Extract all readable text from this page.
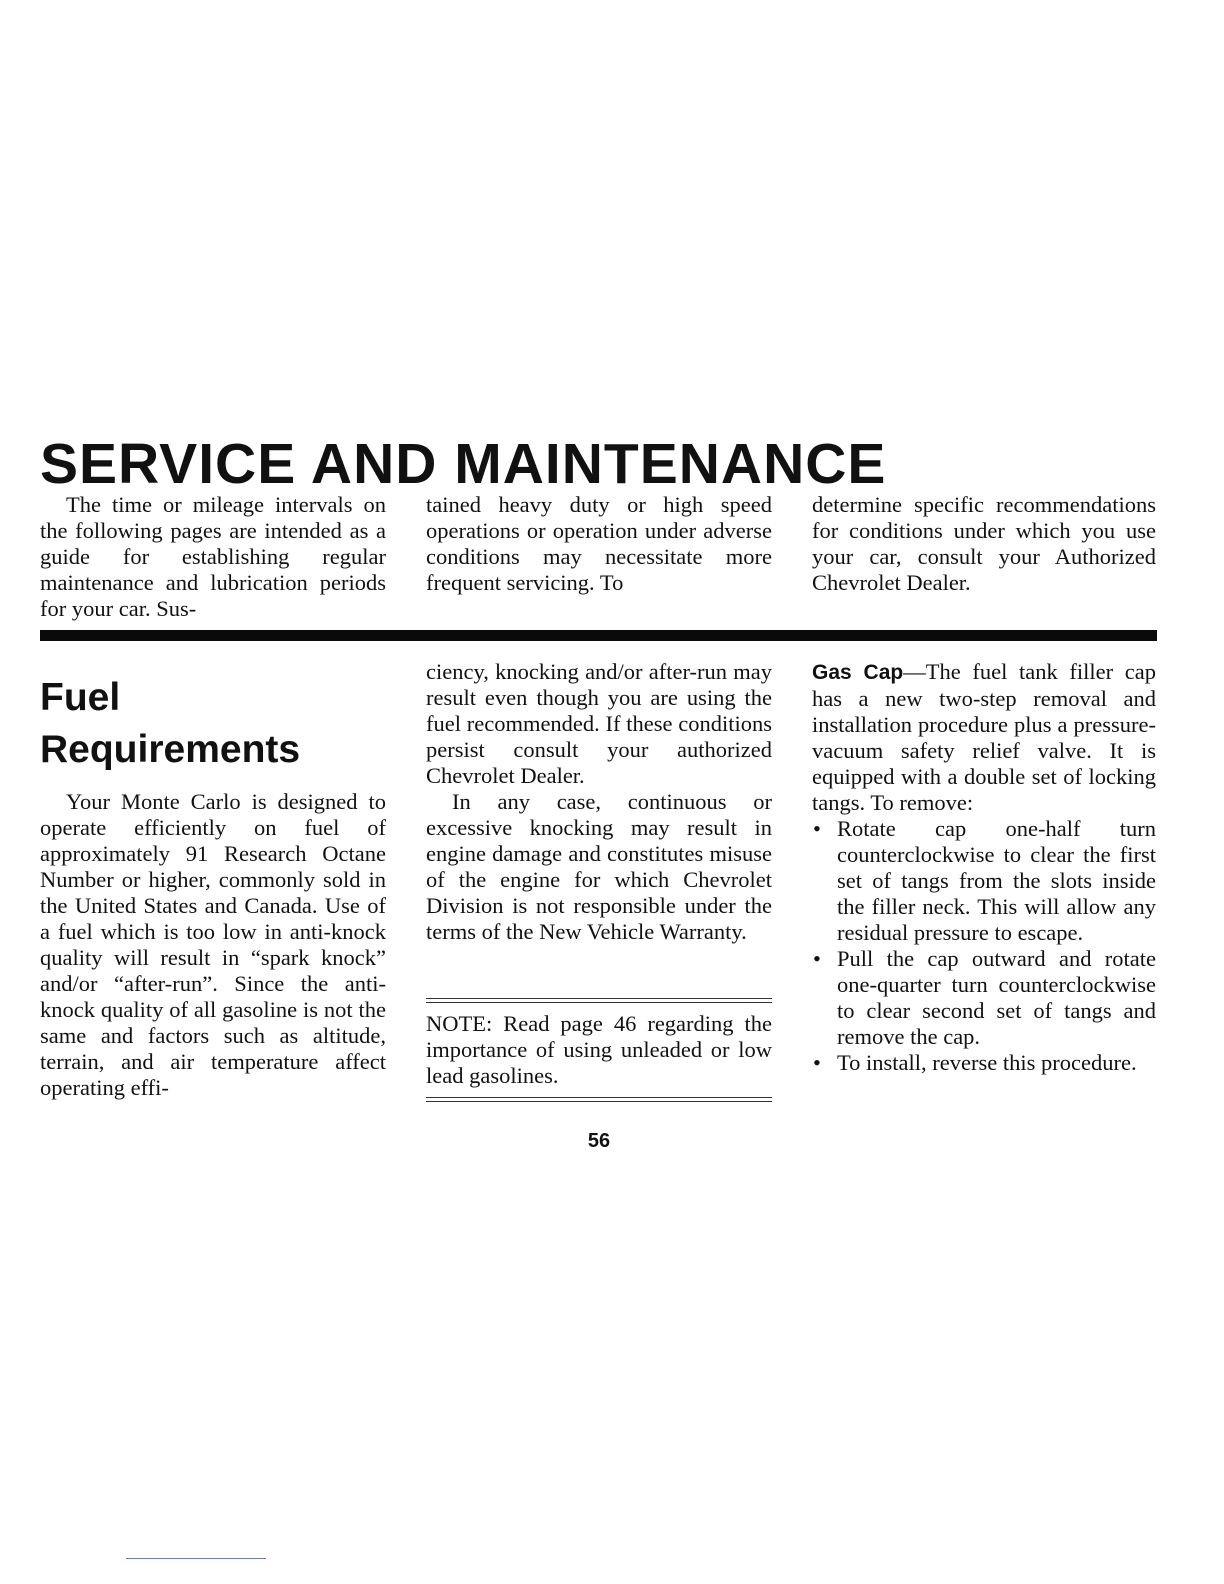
SERVICE AND MAINTENANCE

The time or mileage intervals on the following pages are intended as a guide for establishing regular maintenance and lubrication periods for your car. Sus-

tained heavy duty or high speed operations or operation under adverse conditions may necessitate more frequent servicing. To

determine specific recommendations for conditions under which you use your car, consult your Authorized Chevrolet Dealer.

Fuel
Requirements

Your Monte Carlo is designed to operate efficiently on fuel of approximately 91 Research Octane Number or higher, commonly sold in the United States and Canada. Use of a fuel which is too low in anti-knock quality will result in “spark knock” and/or “after-run”. Since the anti-knock quality of all gasoline is not the same and factors such as altitude, terrain, and air temperature affect operating effi-

ciency, knocking and/or after-run may result even though you are using the fuel recommended. If these conditions persist consult your authorized Chevrolet Dealer.

In any case, continuous or excessive knocking may result in engine damage and constitutes misuse of the engine for which Chevrolet Division is not responsible under the terms of the New Vehicle Warranty.

NOTE: Read page 46 regarding the importance of using unleaded or low lead gasolines.

Gas Cap—The fuel tank filler cap has a new two-step removal and installation procedure plus a pressure-vacuum safety relief valve. It is equipped with a double set of locking tangs. To remove:

• Rotate cap one-half turn counterclockwise to clear the first set of tangs from the slots inside the filler neck. This will allow any residual pressure to escape.
• Pull the cap outward and rotate one-quarter turn counterclockwise to clear second set of tangs and remove the cap.
• To install, reverse this procedure.
56
